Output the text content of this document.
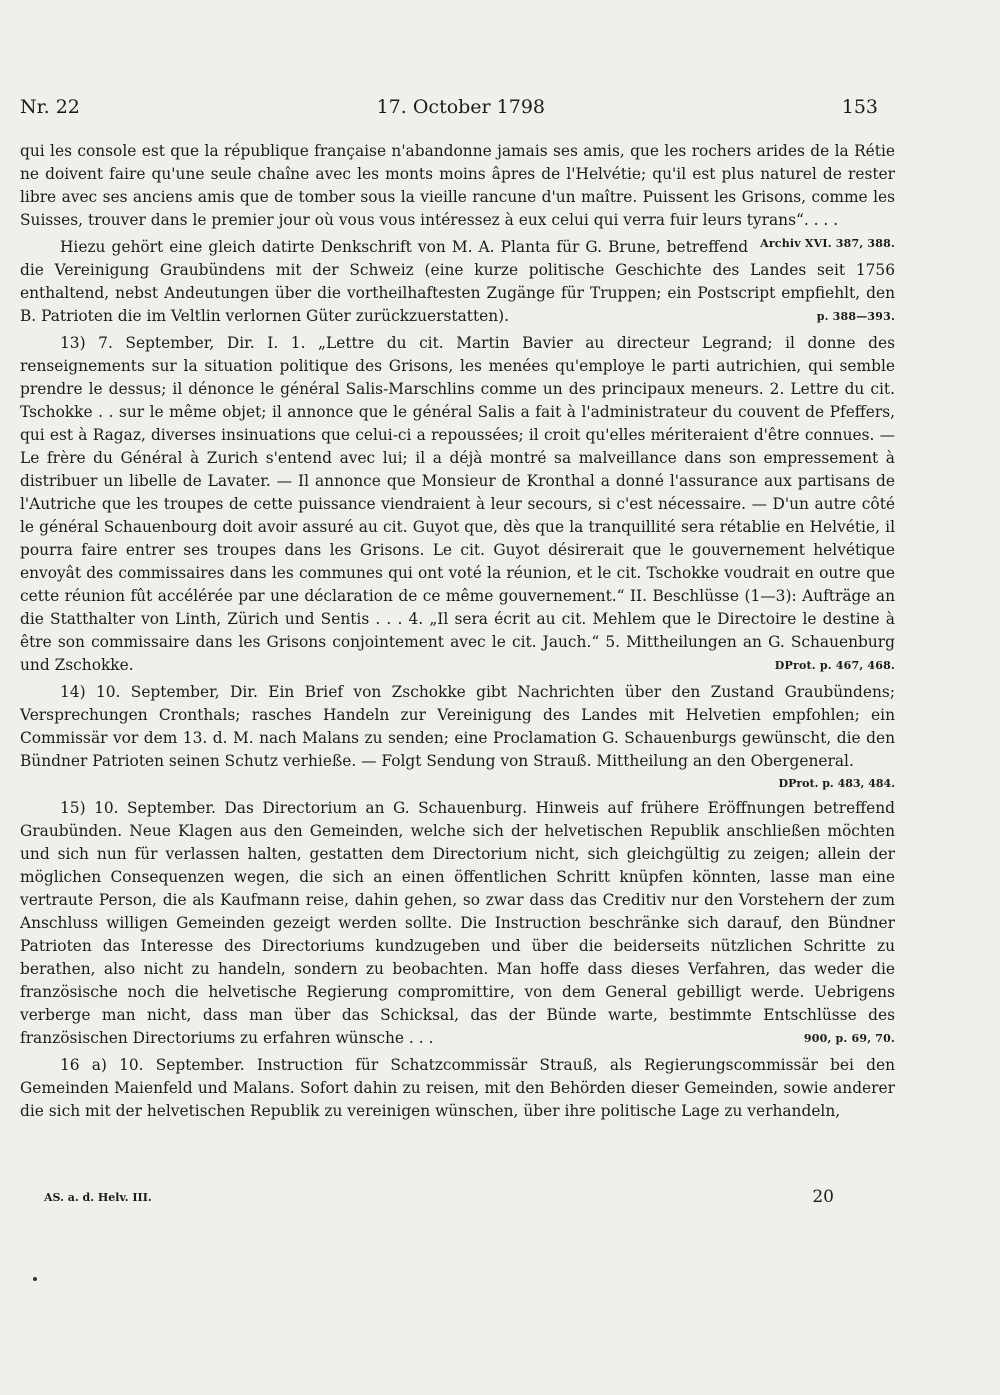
Nr. 22	17. October 1798	153

qui les console est que la république française n'abandonne jamais ses amis, que les rochers arides de la Rétie ne doivent faire qu'une seule chaîne avec les monts moins âpres de l'Helvétie; qu'il est plus naturel de rester libre avec ses anciens amis que de tomber sous la vieille rancune d'un maître. Puissent les Grisons, comme les Suisses, trouver dans le premier jour où vous vous intéressez à eux celui qui verra fuir leurs tyrans“. . . .
Archiv XVI. 387, 388.

Hiezu gehört eine gleich datirte Denkschrift von M. A. Planta für G. Brune, betreffend die Vereinigung Graubündens mit der Schweiz (eine kurze politische Geschichte des Landes seit 1756 enthaltend, nebst Andeutungen über die vortheilhaftesten Zugänge für Truppen; ein Postscript empfiehlt, den B. Patrioten die im Veltlin verlornen Güter zurückzuerstatten).	p. 388—393.

13) 7. September, Dir. I. 1. „Lettre du cit. Martin Bavier au directeur Legrand; il donne des renseignements sur la situation politique des Grisons, les menées qu'employe le parti autrichien, qui semble prendre le dessus; il dénonce le général Salis-Marschlins comme un des principaux meneurs. 2. Lettre du cit. Tschokke . . sur le même objet; il annonce que le général Salis a fait à l'administrateur du couvent de Pfeffers, qui est à Ragaz, diverses insinuations que celui-ci a repoussées; il croit qu'elles mériteraient d'être connues. — Le frère du Général à Zurich s'entend avec lui; il a déjà montré sa malveillance dans son empressement à distribuer un libelle de Lavater. — Il annonce que Monsieur de Kronthal a donné l'assurance aux partisans de l'Autriche que les troupes de cette puissance viendraient à leur secours, si c'est nécessaire. — D'un autre côté le général Schauenbourg doit avoir assuré au cit. Guyot que, dès que la tranquillité sera rétablie en Helvétie, il pourra faire entrer ses troupes dans les Grisons. Le cit. Guyot désirerait que le gouvernement helvétique envoyât des commissaires dans les communes qui ont voté la réunion, et le cit. Tschokke voudrait en outre que cette réunion fût accélérée par une déclaration de ce même gouvernement.“ II. Beschlüsse (1—3): Aufträge an die Statthalter von Linth, Zürich und Sentis . . . 4. „Il sera écrit au cit. Mehlem que le Directoire le destine à être son commissaire dans les Grisons conjointement avec le cit. Jauch.“ 5. Mittheilungen an G. Schauenburg und Zschokke.	DProt. p. 467, 468.

14) 10. September, Dir. Ein Brief von Zschokke gibt Nachrichten über den Zustand Graubündens; Versprechungen Cronthals; rasches Handeln zur Vereinigung des Landes mit Helvetien empfohlen; ein Commissär vor dem 13. d. M. nach Malans zu senden; eine Proclamation G. Schauenburgs gewünscht, die den Bündner Patrioten seinen Schutz verhieße. — Folgt Sendung von Strauß. Mittheilung an den Obergeneral.

DProt. p. 483, 484.

15) 10. September. Das Directorium an G. Schauenburg. Hinweis auf frühere Eröffnungen betreffend Graubünden. Neue Klagen aus den Gemeinden, welche sich der helvetischen Republik anschließen möchten und sich nun für verlassen halten, gestatten dem Directorium nicht, sich gleichgültig zu zeigen; allein der möglichen Consequenzen wegen, die sich an einen öffentlichen Schritt knüpfen könnten, lasse man eine vertraute Person, die als Kaufmann reise, dahin gehen, so zwar dass das Creditiv nur den Vorstehern der zum Anschluss willigen Gemeinden gezeigt werden sollte. Die Instruction beschränke sich darauf, den Bündner Patrioten das Interesse des Directoriums kundzugeben und über die beiderseits nützlichen Schritte zu berathen, also nicht zu handeln, sondern zu beobachten. Man hoffe dass dieses Verfahren, das weder die französische noch die helvetische Regierung compromittire, von dem General gebilligt werde. Uebrigens verberge man nicht, dass man über das Schicksal, das der Bünde warte, bestimmte Entschlüsse des französischen Directoriums zu erfahren wünsche . . .	900, p. 69, 70.

16 a) 10. September. Instruction für Schatzcommissär Strauß, als Regierungscommissär bei den Gemeinden Maienfeld und Malans. Sofort dahin zu reisen, mit den Behörden dieser Gemeinden, sowie anderer die sich mit der helvetischen Republik zu vereinigen wünschen, über ihre politische Lage zu verhandeln,

AS. a. d. Helv. III.	20
